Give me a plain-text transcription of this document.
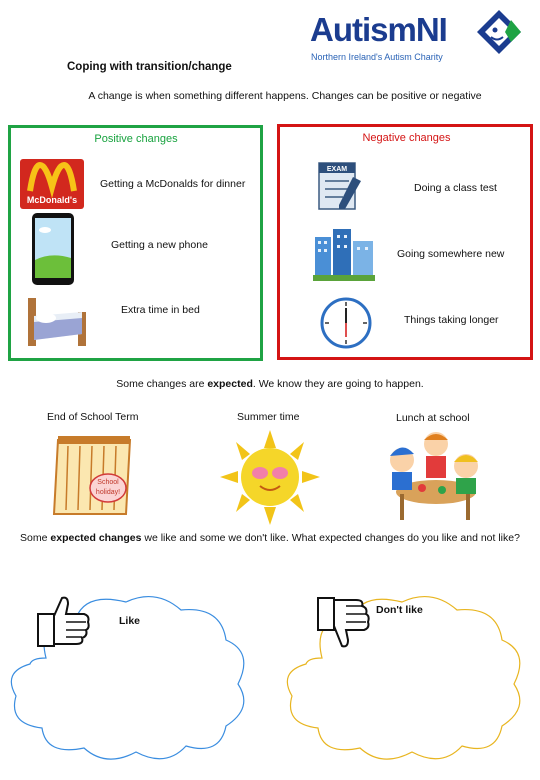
AutismNI
Northern Ireland's Autism Charity
Coping with transition/change
A change is when something different happens. Changes can be positive or negative
Positive changes
McDonald's
Getting a McDonalds for dinner
Getting a new phone
Extra time in bed
Negative changes
EXAM
Doing a class test
Going somewhere new
Things taking longer
Some changes are expected. We know they are going to happen.
End of School Term	Summer time	Lunch at school
School
holiday!
Some expected changes we like and some we don't like. What expected changes do you like and not like?
Like
Don't like
